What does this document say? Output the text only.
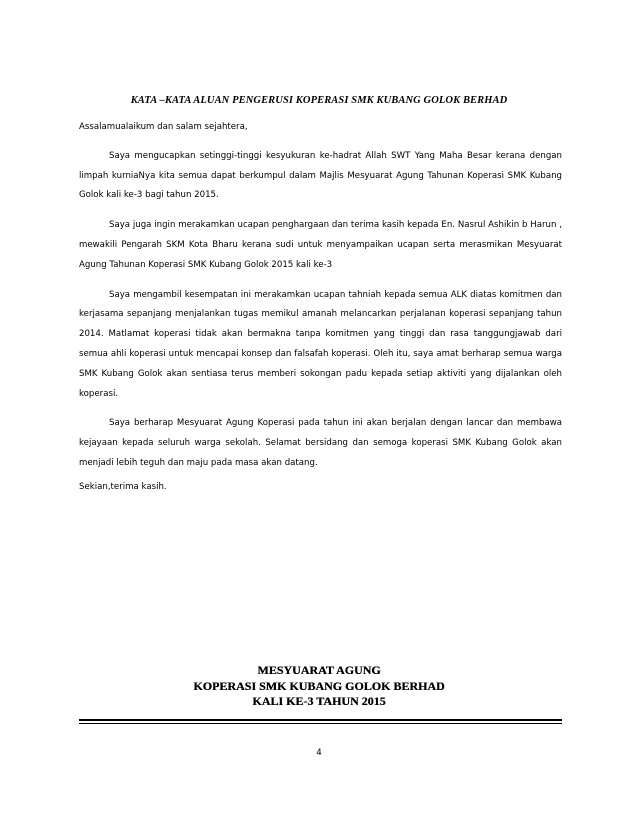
KATA –KATA ALUAN PENGERUSI KOPERASI SMK KUBANG GOLOK BERHAD

Assalamualaikum dan salam sejahtera,

Saya mengucapkan setinggi-tinggi kesyukuran ke-hadrat Allah SWT Yang Maha Besar kerana dengan limpah kurniaNya kita semua dapat berkumpul dalam Majlis Mesyuarat Agung Tahunan Koperasi SMK Kubang Golok kali ke-3 bagi tahun 2015.

Saya juga ingin merakamkan ucapan penghargaan dan terima kasih kepada En. Nasrul Ashikin b Harun , mewakili Pengarah SKM Kota Bharu kerana sudi untuk menyampaikan ucapan serta merasmikan Mesyuarat Agung Tahunan Koperasi SMK Kubang Golok 2015 kali ke-3

Saya mengambil kesempatan ini merakamkan ucapan tahniah kepada semua ALK diatas komitmen dan kerjasama sepanjang menjalankan tugas memikul amanah melancarkan perjalanan koperasi sepanjang tahun 2014. Matlamat koperasi tidak akan bermakna tanpa komitmen yang tinggi dan rasa tanggungjawab dari semua ahli koperasi untuk mencapai konsep dan falsafah koperasi. Oleh itu, saya amat berharap semua warga SMK Kubang Golok akan sentiasa terus memberi sokongan padu kepada setiap aktiviti yang dijalankan oleh koperasi.

Saya berharap Mesyuarat Agung Koperasi pada tahun ini akan berjalan dengan lancar dan membawa kejayaan kepada seluruh warga sekolah. Selamat bersidang dan semoga koperasi SMK Kubang Golok akan menjadi lebih teguh dan maju pada masa akan datang.

Sekian,terima kasih.
MESYUARAT AGUNG
KOPERASI SMK KUBANG GOLOK BERHAD
KALI KE-3 TAHUN 2015
4
